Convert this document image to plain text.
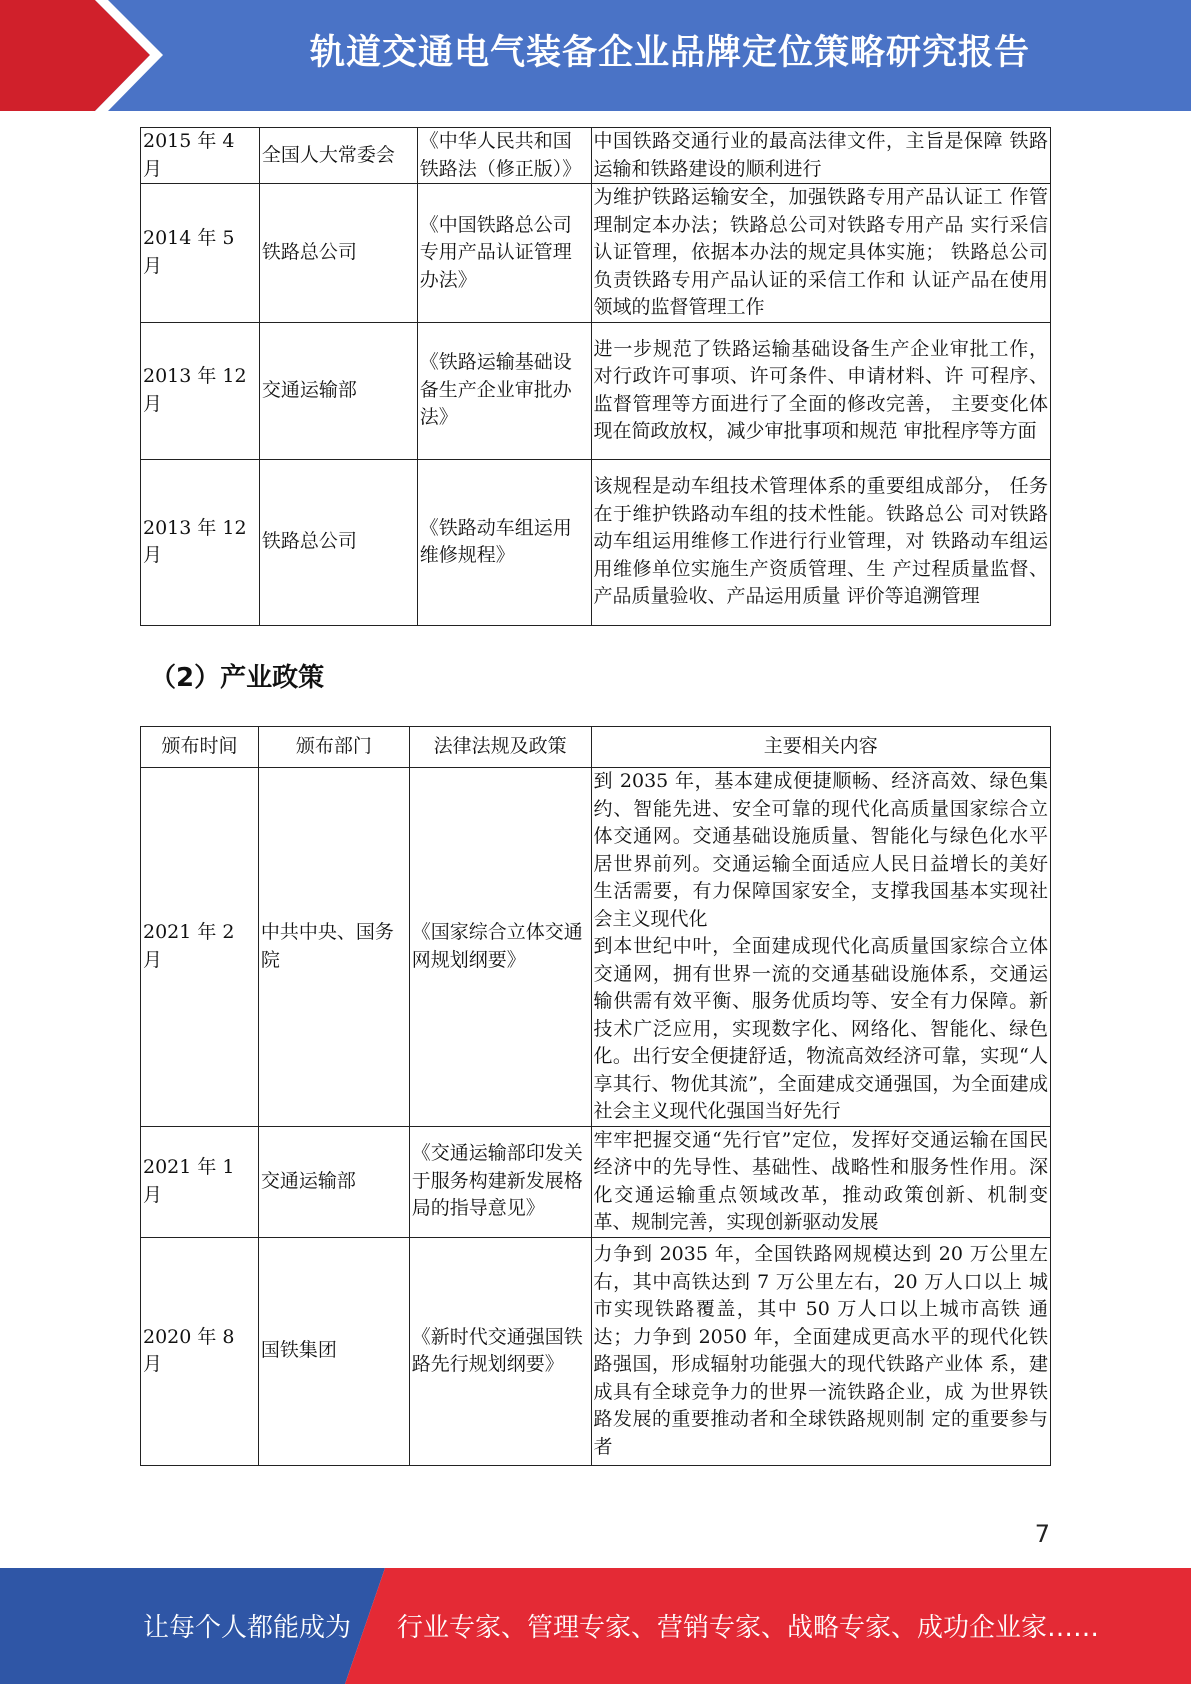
轨道交通电气装备企业品牌定位策略研究报告
2015 年 4 月	全国人大常委会	《中华人民共和国铁路法（修正版）》	中国铁路交通行业的最高法律文件，主旨是保障 铁路运输和铁路建设的顺利进行
2014 年 5 月	铁路总公司	《中国铁路总公司专用产品认证管理办法》	为维护铁路运输安全，加强铁路专用产品认证工 作管理制定本办法；铁路总公司对铁路专用产品 实行采信认证管理，依据本办法的规定具体实施； 铁路总公司负责铁路专用产品认证的采信工作和 认证产品在使用领域的监督管理工作
2013 年 12 月	交通运输部	《铁路运输基础设备生产企业审批办法》	进一步规范了铁路运输基础设备生产企业审批工作，对行政许可事项、许可条件、申请材料、许 可程序、监督管理等方面进行了全面的修改完善， 主要变化体现在简政放权，减少审批事项和规范 审批程序等方面
2013 年 12 月	铁路总公司	《铁路动车组运用维修规程》	该规程是动车组技术管理体系的重要组成部分， 任务在于维护铁路动车组的技术性能。铁路总公 司对铁路动车组运用维修工作进行行业管理，对 铁路动车组运用维修单位实施生产资质管理、生 产过程质量监督、产品质量验收、产品运用质量 评价等追溯管理
（2）产业政策
颁布时间	颁布部门	法律法规及政策	主要相关内容
2021 年 2 月	中共中央、国务院	《国家综合立体交通网规划纲要》	到 2035 年，基本建成便捷顺畅、经济高效、绿色集约、智能先进、安全可靠的现代化高质量国家综合立体交通网。交通基础设施质量、智能化与绿色化水平居世界前列。交通运输全面适应人民日益增长的美好生活需要，有力保障国家安全，支撑我国基本实现社会主义现代化
到本世纪中叶，全面建成现代化高质量国家综合立体交通网，拥有世界一流的交通基础设施体系，交通运输供需有效平衡、服务优质均等、安全有力保障。新技术广泛应用，实现数字化、网络化、智能化、绿色化。出行安全便捷舒适，物流高效经济可靠，实现“人享其行、物优其流”，全面建成交通强国，为全面建成社会主义现代化强国当好先行

2021 年 1 月	交通运输部	《交通运输部印发关于服务构建新发展格局的指导意见》	牢牢把握交通“先行官”定位，发挥好交通运输在国民经济中的先导性、基础性、战略性和服务性作用。深化交通运输重点领域改革，推动政策创新、机制变革、规制完善，实现创新驱动发展
2020 年 8 月	国铁集团	《新时代交通强国铁路先行规划纲要》	力争到 2035 年，全国铁路网规模达到 20 万公里左右，其中高铁达到 7 万公里左右，20 万人口以上 城市实现铁路覆盖，其中 50 万人口以上城市高铁 通达；力争到 2050 年，全面建成更高水平的现代化铁路强国，形成辐射功能强大的现代铁路产业体 系，建成具有全球竞争力的世界一流铁路企业，成 为世界铁路发展的重要推动者和全球铁路规则制 定的重要参与者
7
让每个人都能成为 行业专家、管理专家、营销专家、战略专家、成功企业家……
